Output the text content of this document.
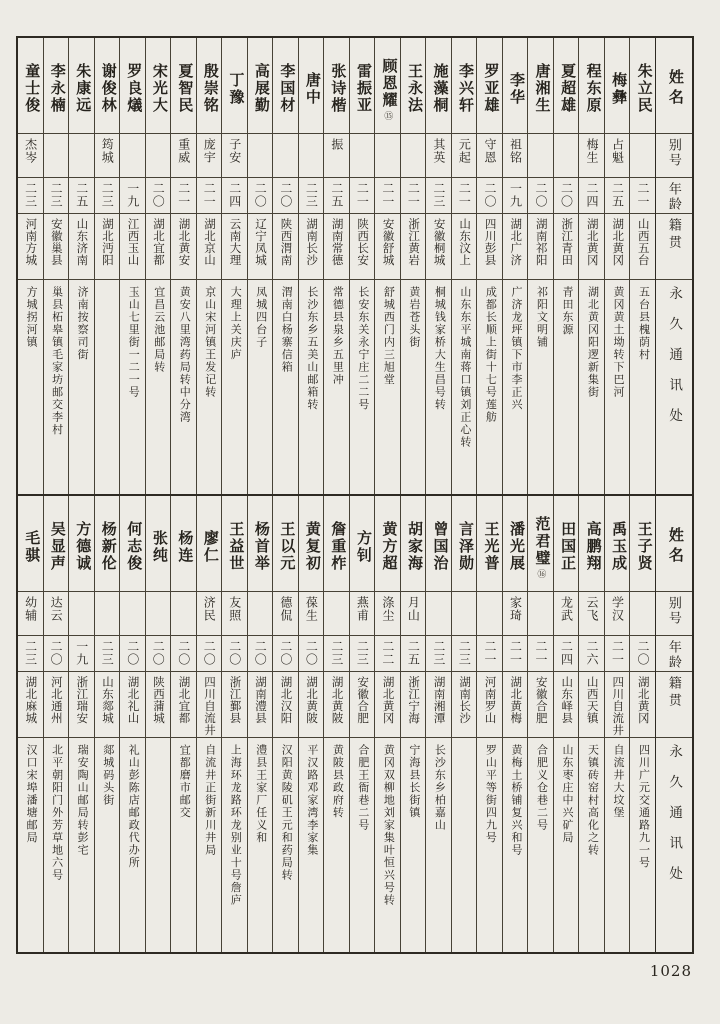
姓名
别号
年龄
籍贯
永久通讯处
朱立民
二一
山西五台
五台县槐荫村
梅彝
占魁
二五
湖北黄冈
黄冈黄土坳转下巴河
程东原
梅生
二四
湖北黄冈
湖北黄冈阳逻新集街
夏超雄
二〇
浙江青田
青田东源
唐湘生
二〇
湖南祁阳
祁阳文明铺
李华
祖铭
一九
湖北广济
广济龙坪镇下市李正兴
罗亚雄
守恩
二〇
四川彭县
成都长顺上街十七号莲舫
李兴轩
元起
二一
山东汶上
山东东平城南蒋口镇刘正心转
施藻桐
其英
二三
安徽桐城
桐城钱家桥大生昌号转
王永法
二一
浙江黄岩
黄岩苍头街
顾恩耀
⑮
二一
安徽舒城
舒城西门内三旭堂
雷振亚
二一
陕西长安
长安东关永宁庄二二号
张诗楷
振
二五
湖南常德
常德县泉乡五里冲
唐中
二三
湖南长沙
长沙东乡五美山邮箱转
李国材
二〇
陕西渭南
渭南白杨寨信箱
高展勤
二〇
辽宁凤城
凤城四台子
丁豫
子安
二四
云南大理
大理上关庆庐
殷崇铭
庞宇
二一
湖北京山
京山宋河镇王发记转
夏智民
重威
二一
湖北黄安
黄安八里湾药局转中分湾
宋光大
二〇
湖北宜都
宜昌云池邮局转
罗良燨
一九
江西玉山
玉山七里街一二一号
谢俊林
筠城
二三
湖北沔阳
朱康远
二五
山东济南
济南按察司街
李永楠
二三
安徽巢县
巢县柘皋镇毛家坊邮交李村
童士俊
杰岑
二三
河南方城
方城拐河镇
姓名
别号
年龄
籍贯
永久通讯处
王子贤
二〇
湖北黄冈
四川广元交通路九一号
禹玉成
学汉
二一
四川自流井
自流井大坟堡
高鹏翔
云飞
二六
山西天镇
天镇砖窑村高化之转
田国正
龙武
二四
山东峄县
山东枣庄中兴矿局
范君璧
⑯
二一
安徽合肥
合肥义仓巷二号
潘光展
家琦
二一
湖北黄梅
黄梅土桥铺复兴和号
王光普
二一
河南罗山
罗山平等街四九号
言泽勋
二三
湖南长沙
曾国治
二三
湖南湘潭
长沙东乡柏嘉山
胡家海
月山
二五
浙江宁海
宁海县长街镇
黄方超
涤尘
二二
湖北黄冈
黄冈双柳地刘家集叶恒兴号转
方钊
燕甫
二三
安徽合肥
合肥王衙巷二号
詹重柞
二三
湖北黄陂
黄陂县政府转
黄复初
葆生
二〇
湖北黄陂
平汉路邓家湾李家集
王以元
德侃
二〇
湖北汉阳
汉阳黄陵矶王元和药局转
杨首举
二〇
湖南澧县
澧县王家厂任义和
王益世
友照
二〇
浙江鄞县
上海环龙路环龙别业十号詹庐
廖仁
济民
二〇
四川自流井
自流井正街新川井局
杨连
二〇
湖北宜都
宜都磨市邮交
张纯
二〇
陕西蒲城
何志俊
二〇
湖北礼山
礼山彭陈店邮政代办所
杨新伦
二三
山东郯城
郯城码头街
方德诚
一九
浙江瑞安
瑞安陶山邮局转彭宅
吴显声
达云
二〇
河北通州
北平朝阳门外芳草地六号
毛骐
幼辅
二三
湖北麻城
汉口宋埠潘塘邮局
1028
